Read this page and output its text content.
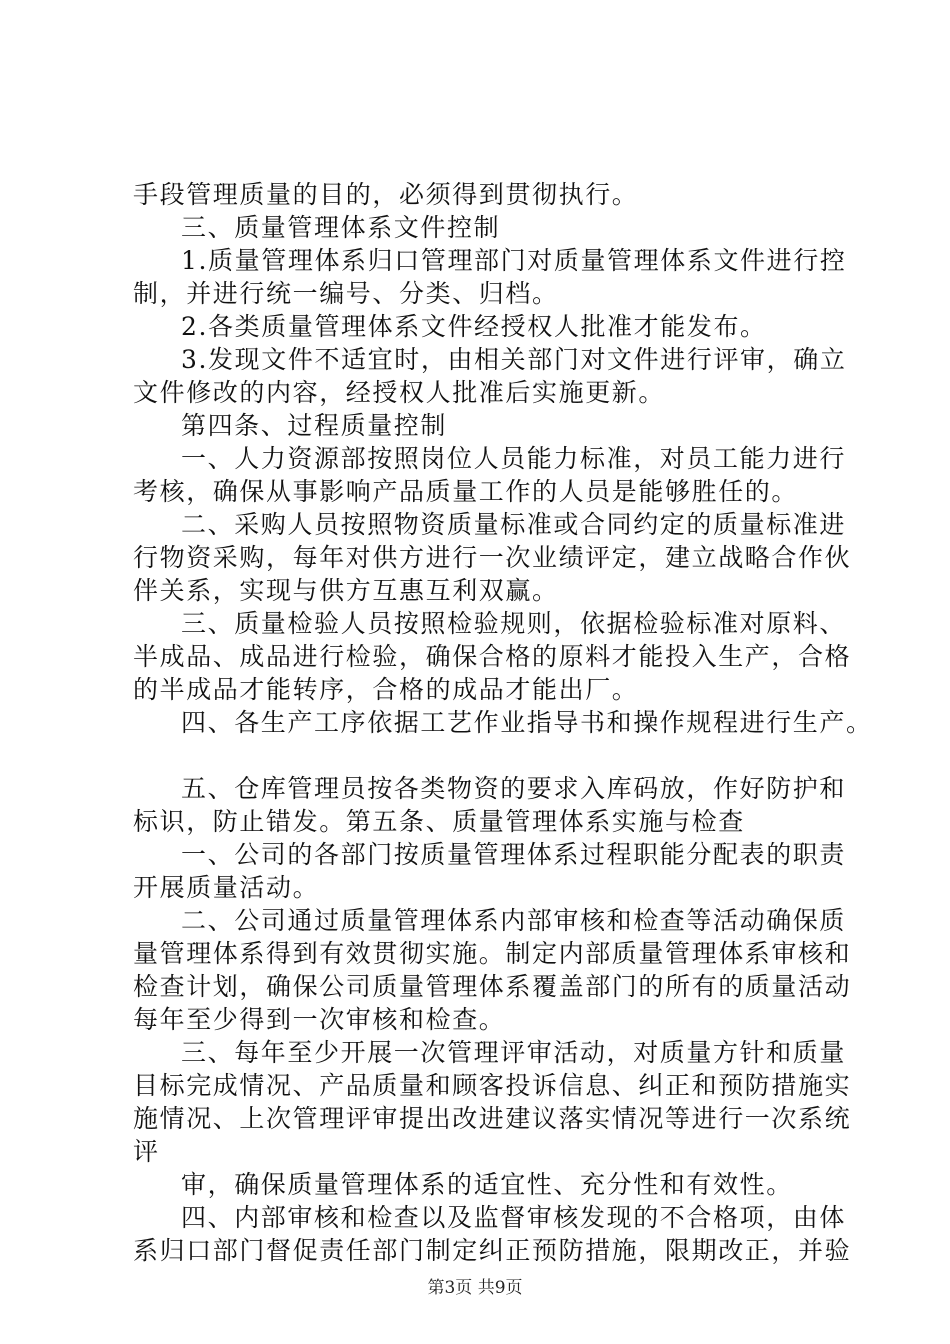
手段管理质量的目的，必须得到贯彻执行。
三、质量管理体系文件控制
1.质量管理体系归口管理部门对质量管理体系文件进行控
制，并进行统一编号、分类、归档。
2.各类质量管理体系文件经授权人批准才能发布。
3.发现文件不适宜时，由相关部门对文件进行评审，确立
文件修改的内容，经授权人批准后实施更新。
第四条、过程质量控制
一、人力资源部按照岗位人员能力标准，对员工能力进行
考核，确保从事影响产品质量工作的人员是能够胜任的。
二、采购人员按照物资质量标准或合同约定的质量标准进
行物资采购，每年对供方进行一次业绩评定，建立战略合作伙
伴关系，实现与供方互惠互利双赢。
三、质量检验人员按照检验规则，依据检验标准对原料、
半成品、成品进行检验，确保合格的原料才能投入生产，合格
的半成品才能转序，合格的成品才能出厂。
四、各生产工序依据工艺作业指导书和操作规程进行生产。
五、仓库管理员按各类物资的要求入库码放，作好防护和
标识，防止错发。第五条、质量管理体系实施与检查
一、公司的各部门按质量管理体系过程职能分配表的职责
开展质量活动。
二、公司通过质量管理体系内部审核和检查等活动确保质
量管理体系得到有效贯彻实施。制定内部质量管理体系审核和
检查计划，确保公司质量管理体系覆盖部门的所有的质量活动
每年至少得到一次审核和检查。
三、每年至少开展一次管理评审活动，对质量方针和质量
目标完成情况、产品质量和顾客投诉信息、纠正和预防措施实
施情况、上次管理评审提出改进建议落实情况等进行一次系统
评
审，确保质量管理体系的适宜性、充分性和有效性。
四、内部审核和检查以及监督审核发现的不合格项，由体
系归口部门督促责任部门制定纠正预防措施，限期改正，并验
第3页 共9页
